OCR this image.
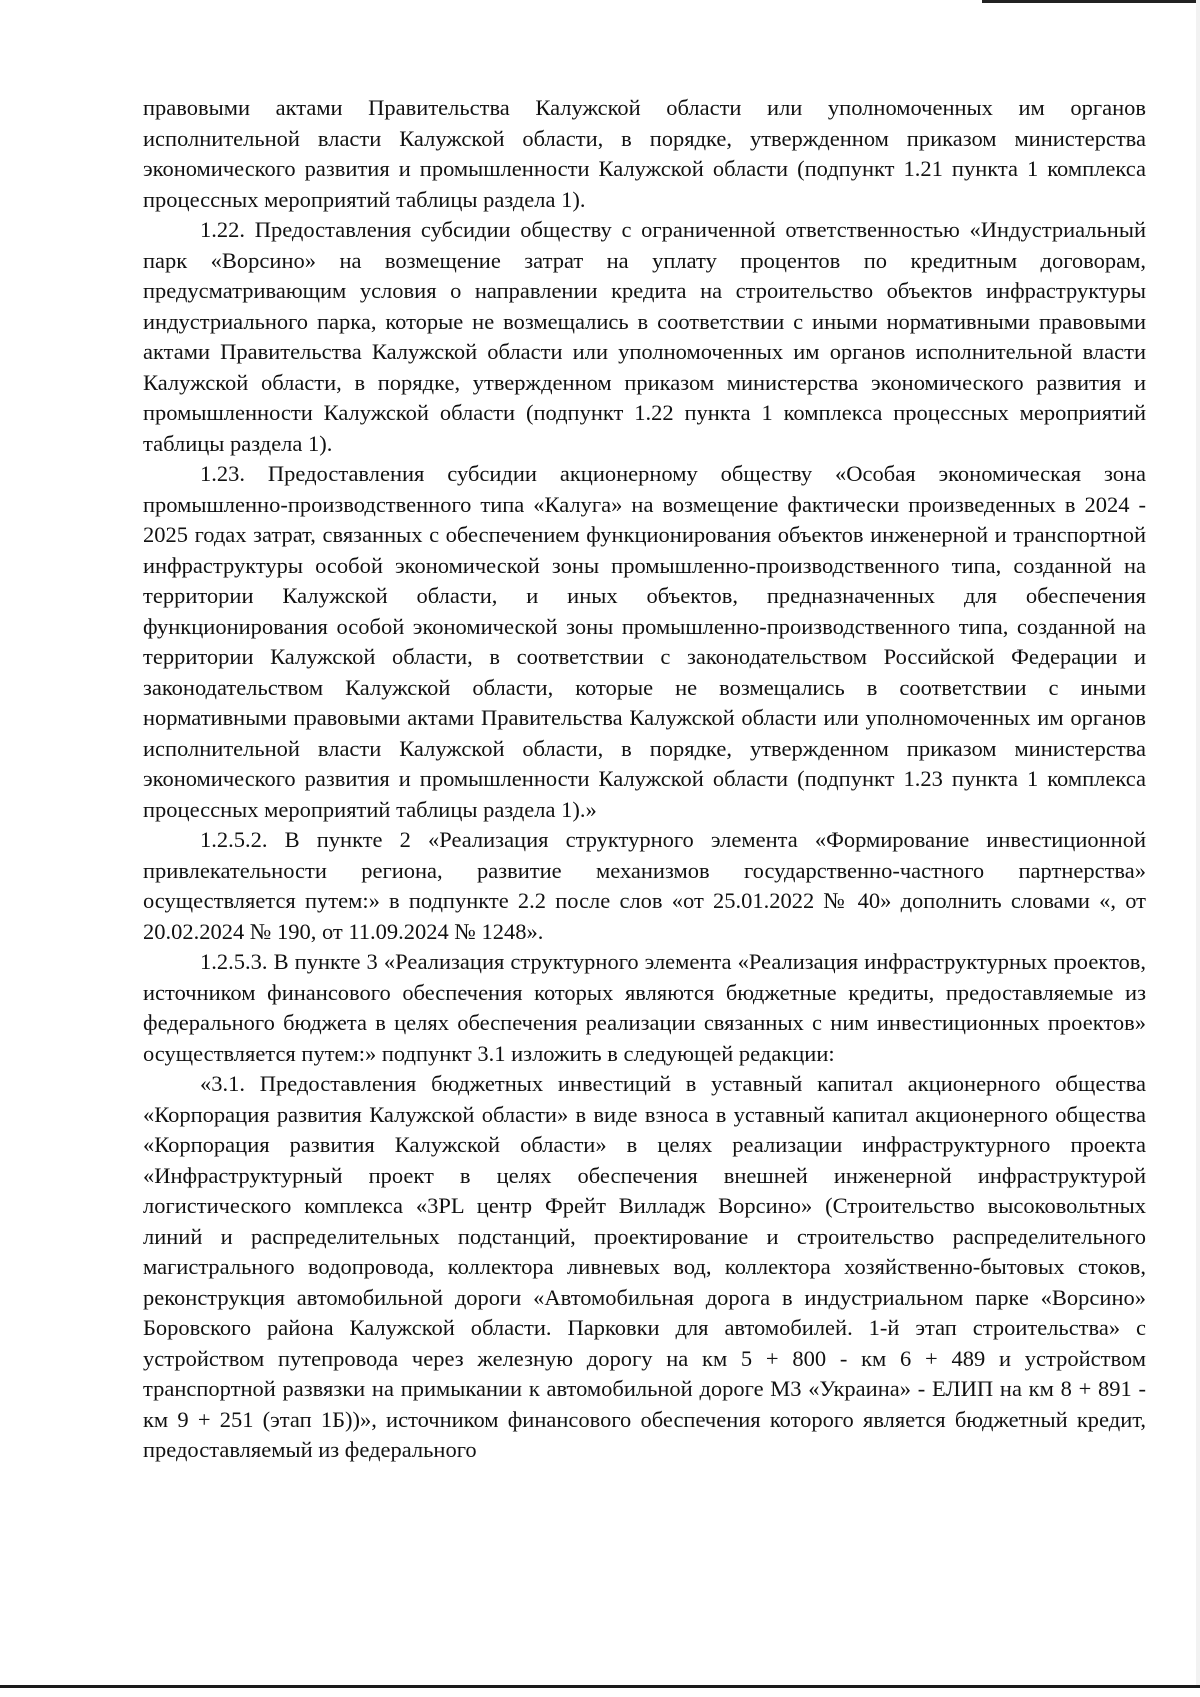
правовыми актами Правительства Калужской области или уполномоченных им органов исполнительной власти Калужской области, в порядке, утвержденном приказом министерства экономического развития и промышленности Калужской области (подпункт 1.21 пункта 1 комплекса процессных мероприятий таблицы раздела 1).

1.22. Предоставления субсидии обществу с ограниченной ответственностью «Индустриальный парк «Ворсино» на возмещение затрат на уплату процентов по кредитным договорам, предусматривающим условия о направлении кредита на строительство объектов инфраструктуры индустриального парка, которые не возмещались в соответствии с иными нормативными правовыми актами Правительства Калужской области или уполномоченных им органов исполнительной власти Калужской области, в порядке, утвержденном приказом министерства экономического развития и промышленности Калужской области (подпункт 1.22 пункта 1 комплекса процессных мероприятий таблицы раздела 1).

1.23. Предоставления субсидии акционерному обществу «Особая экономическая зона промышленно-производственного типа «Калуга» на возмещение фактически произведенных в 2024 - 2025 годах затрат, связанных с обеспечением функционирования объектов инженерной и транспортной инфраструктуры особой экономической зоны промышленно-производственного типа, созданной на территории Калужской области, и иных объектов, предназначенных для обеспечения функционирования особой экономической зоны промышленно-производственного типа, созданной на территории Калужской области, в соответствии с законодательством Российской Федерации и законодательством Калужской области, которые не возмещались в соответствии с иными нормативными правовыми актами Правительства Калужской области или уполномоченных им органов исполнительной власти Калужской области, в порядке, утвержденном приказом министерства экономического развития и промышленности Калужской области (подпункт 1.23 пункта 1 комплекса процессных мероприятий таблицы раздела 1).»

1.2.5.2. В пункте 2 «Реализация структурного элемента «Формирование инвестиционной привлекательности региона, развитие механизмов государственно-частного партнерства» осуществляется путем:» в подпункте 2.2 после слов «от 25.01.2022 № 40» дополнить словами «, от 20.02.2024 № 190, от 11.09.2024 № 1248».

1.2.5.3. В пункте 3 «Реализация структурного элемента «Реализация инфраструктурных проектов, источником финансового обеспечения которых являются бюджетные кредиты, предоставляемые из федерального бюджета в целях обеспечения реализации связанных с ним инвестиционных проектов» осуществляется путем:» подпункт 3.1 изложить в следующей редакции:

«3.1. Предоставления бюджетных инвестиций в уставный капитал акционерного общества «Корпорация развития Калужской области» в виде взноса в уставный капитал акционерного общества «Корпорация развития Калужской области» в целях реализации инфраструктурного проекта «Инфраструктурный проект в целях обеспечения внешней инженерной инфраструктурой логистического комплекса «3PL центр Фрейт Вилладж Ворсино» (Строительство высоковольтных линий и распределительных подстанций, проектирование и строительство распределительного магистрального водопровода, коллектора ливневых вод, коллектора хозяйственно-бытовых стоков, реконструкция автомобильной дороги «Автомобильная дорога в индустриальном парке «Ворсино» Боровского района Калужской области. Парковки для автомобилей. 1-й этап строительства» с устройством путепровода через железную дорогу на км 5 + 800 - км 6 + 489 и устройством транспортной развязки на примыкании к автомобильной дороге М3 «Украина» - ЕЛИП на км 8 + 891 - км 9 + 251 (этап 1Б))», источником финансового обеспечения которого является бюджетный кредит, предоставляемый из федерального
